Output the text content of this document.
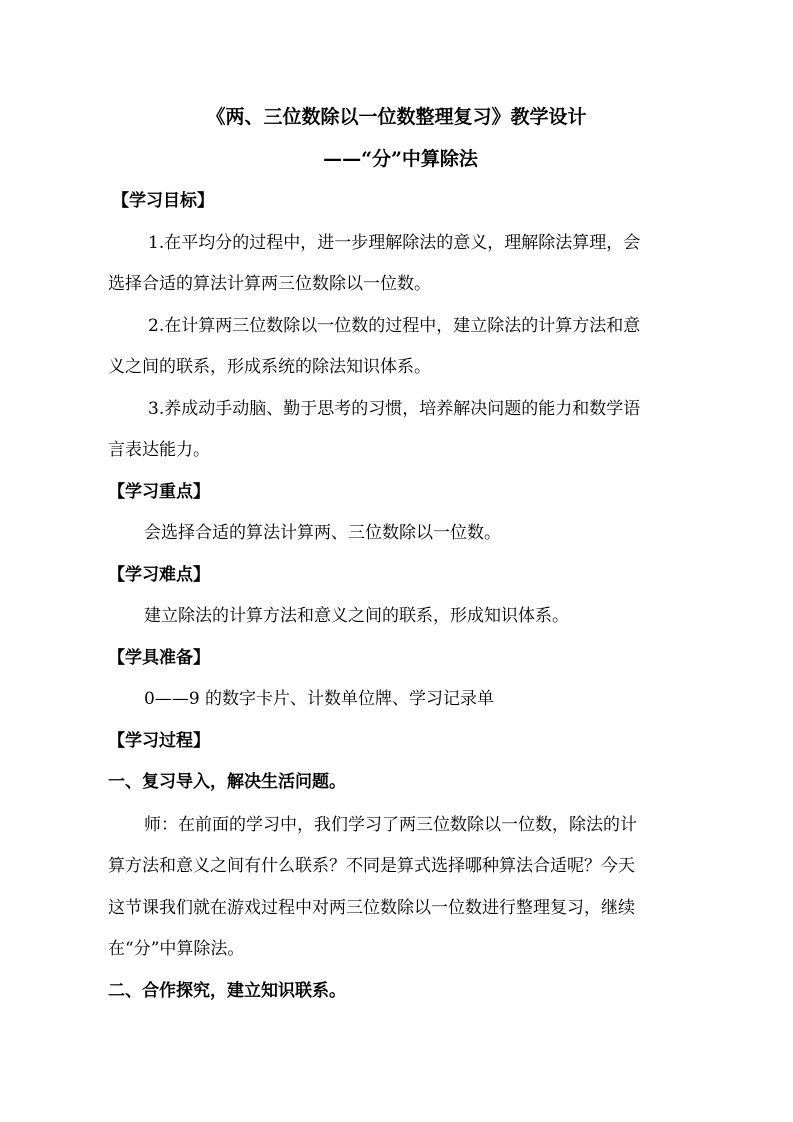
《两、三位数除以一位数整理复习》教学设计
——“分”中算除法
【学习目标】
1.在平均分的过程中，进一步理解除法的意义，理解除法算理，会
选择合适的算法计算两三位数除以一位数。
2.在计算两三位数除以一位数的过程中，建立除法的计算方法和意
义之间的联系，形成系统的除法知识体系。
3.养成动手动脑、勤于思考的习惯，培养解决问题的能力和数学语
言表达能力。
【学习重点】
会选择合适的算法计算两、三位数除以一位数。
【学习难点】
建立除法的计算方法和意义之间的联系，形成知识体系。
【学具准备】
0——9 的数字卡片、计数单位牌、学习记录单
【学习过程】
一、复习导入，解决生活问题。
师：在前面的学习中，我们学习了两三位数除以一位数，除法的计
算方法和意义之间有什么联系？不同是算式选择哪种算法合适呢？今天
这节课我们就在游戏过程中对两三位数除以一位数进行整理复习，继续
在“分”中算除法。
二、合作探究，建立知识联系。
